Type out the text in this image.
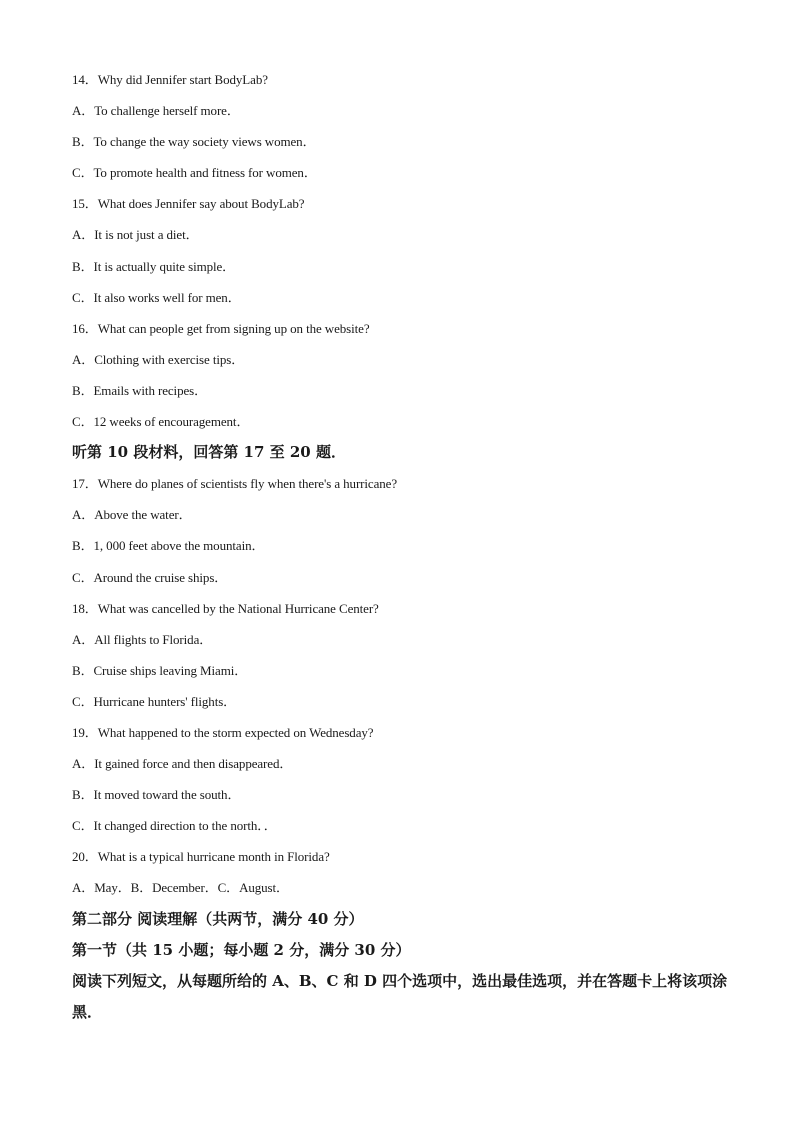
14．Why did Jennifer start BodyLab?
A．To challenge herself more．
B．To change the way society views women．
C．To promote health and fitness for women．
15．What does Jennifer say about BodyLab?
A．It is not just a diet．
B．It is actually quite simple．
C．It also works well for men．
16．What can people get from signing up on the website?
A．Clothing with exercise tips．
B．Emails with recipes．
C．12 weeks of encouragement．
听第 10 段材料，回答第 17 至 20 题．
17．Where do planes of scientists fly when there's a hurricane?
A．Above the water．
B．1, 000 feet above the mountain．
C．Around the cruise ships．
18．What was cancelled by the National Hurricane Center?
A．All flights to Florida．
B．Cruise ships leaving Miami．
C．Hurricane hunters' flights．
19．What happened to the storm expected on Wednesday?
A．It gained force and then disappeared．
B．It moved toward the south．
C．It changed direction to the north．．
20．What is a typical hurricane month in Florida?
A．May．B．December．C．August．
第二部分 阅读理解（共两节，满分 40 分）
第一节（共 15 小题；每小题 2 分，满分 30 分）
阅读下列短文，从每题所给的 A、B、C 和 D 四个选项中，选出最佳选项，并在答题卡上将该项涂黑．
